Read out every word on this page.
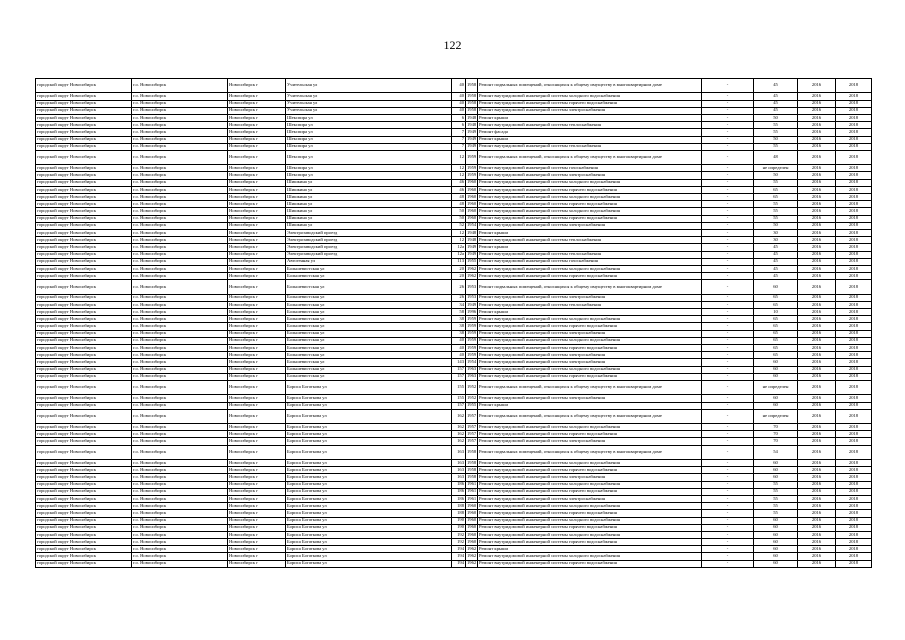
122
городской округ Новосибирск	г.о. Новосибирск	Новосибирск г	Учительская ул	40	1958	Ремонт подвальных помещений, относящихся к общему имуществу в многоквартирном доме	-	45	2016	2018
городской округ Новосибирск	г.о. Новосибирск	Новосибирск г	Учительская ул	40	1958	Ремонт внутридомовой инженерной системы холодного водоснабжения	-	45	2016	2018
городской округ Новосибирск	г.о. Новосибирск	Новосибирск г	Учительская ул	40	1958	Ремонт внутридомовой инженерной системы горячего водоснабжения	-	45	2016	2018
городской округ Новосибирск	г.о. Новосибирск	Новосибирск г	Учительская ул	40	1958	Ремонт внутридомовой инженерной системы электроснабжения	-	45	2016	2018
городской округ Новосибирск	г.о. Новосибирск	Новосибирск г	Шекспира ул	6	1948	Ремонт крыши	-	50	2016	2018
городской округ Новосибирск	г.о. Новосибирск	Новосибирск г	Шекспира ул	6	1948	Ремонт внутридомовой инженерной системы теплоснабжения	-	55	2016	2018
городской округ Новосибирск	г.о. Новосибирск	Новосибирск г	Шекспира ул	7	1949	Ремонт фасада	-	55	2016	2018
городской округ Новосибирск	г.о. Новосибирск	Новосибирск г	Шекспира ул	7	1949	Ремонт крыши	-	50	2016	2018
городской округ Новосибирск	г.о. Новосибирск	Новосибирск г	Шекспира ул	7	1949	Ремонт внутридомовой инженерной системы теплоснабжения	-	55	2016	2018
городской округ Новосибирск	г.о. Новосибирск	Новосибирск г	Шекспира ул	12	1959	Ремонт подвальных помещений, относящихся к общему имуществу в многоквартирном доме	-	48	2016	2018
городской округ Новосибирск	г.о. Новосибирск	Новосибирск г	Шекспира ул	12	1959	Ремонт внутридомовой инженерной системы газоснабжения	-	не определен	2016	2018
городской округ Новосибирск	г.о. Новосибирск	Новосибирск г	Шекспира ул	12	1959	Ремонт внутридомовой инженерной системы электроснабжения	-	50	2016	2018
городской округ Новосибирск	г.о. Новосибирск	Новосибирск г	Шишкина ул	46	1960	Ремонт внутридомовой инженерной системы холодного водоснабжения	-	55	2016	2018
городской округ Новосибирск	г.о. Новосибирск	Новосибирск г	Шишкина ул	46	1960	Ремонт внутридомовой инженерной системы горячего водоснабжения	-	65	2016	2018
городской округ Новосибирск	г.о. Новосибирск	Новосибирск г	Шишкина ул	48	1960	Ремонт внутридомовой инженерной системы холодного водоснабжения	-	65	2016	2018
городской округ Новосибирск	г.о. Новосибирск	Новосибирск г	Шишкина ул	48	1960	Ремонт внутридомовой инженерной системы горячего водоснабжения	-	55	2016	2018
городской округ Новосибирск	г.о. Новосибирск	Новосибирск г	Шишкина ул	50	1960	Ремонт внутридомовой инженерной системы холодного водоснабжения	-	55	2016	2018
городской округ Новосибирск	г.о. Новосибирск	Новосибирск г	Шишкина ул	50	1960	Ремонт внутридомовой инженерной системы горячего водоснабжения	-	55	2016	2018
городской округ Новосибирск	г.о. Новосибирск	Новосибирск г	Шишкина ул	52	1954	Ремонт внутридомовой инженерной системы электроснабжения	-	50	2016	2018
городской округ Новосибирск	г.о. Новосибирск	Новосибирск г	Электрозаводский проезд	12	1948	Ремонт крыши	-	30	2016	2018
городской округ Новосибирск	г.о. Новосибирск	Новосибирск г	Электрозаводский проезд	12	1948	Ремонт внутридомовой инженерной системы теплоснабжения	-	30	2016	2018
городской округ Новосибирск	г.о. Новосибирск	Новосибирск г	Электрозаводский проезд	12а	1949	Ремонт крыши	-	45	2016	2018
городской округ Новосибирск	г.о. Новосибирск	Новосибирск г	Электрозаводский проезд	12а	1949	Ремонт внутридомовой инженерной системы теплоснабжения	-	45	2016	2018
городской округ Новосибирск	г.о. Новосибирск	Новосибирск г	Автогенная ул	113	1955	Ремонт внутридомовой инженерной системы газоснабжения	-	45	2016	2018
городской округ Новосибирск	г.о. Новосибирск	Новосибирск г	Большевистская ул	20	1962	Ремонт внутридомовой инженерной системы холодного водоснабжения	-	45	2016	2018
городской округ Новосибирск	г.о. Новосибирск	Новосибирск г	Большевистская ул	20	1962	Ремонт внутридомовой инженерной системы горячего водоснабжения	-	45	2016	2018
городской округ Новосибирск	г.о. Новосибирск	Новосибирск г	Большевистская ул	26	1953	Ремонт подвальных помещений, относящихся к общему имуществу в многоквартирном доме	-	60	2016	2018
городской округ Новосибирск	г.о. Новосибирск	Новосибирск г	Большевистская ул	26	1953	Ремонт внутридомовой инженерной системы электроснабжения	-	65	2016	2018
городской округ Новосибирск	г.о. Новосибирск	Новосибирск г	Большевистская ул	34	1949	Ремонт внутридомовой инженерной системы теплоснабжения	-	65	2016	2018
городской округ Новосибирск	г.о. Новосибирск	Новосибирск г	Большевистская ул	58	1996	Ремонт крыши	-	10	2016	2018
городской округ Новосибирск	г.о. Новосибирск	Новосибирск г	Большевистская ул	38	1959	Ремонт внутридомовой инженерной системы холодного водоснабжения	-	65	2016	2018
городской округ Новосибирск	г.о. Новосибирск	Новосибирск г	Большевистская ул	38	1959	Ремонт внутридомовой инженерной системы горячего водоснабжения	-	65	2016	2018
городской округ Новосибирск	г.о. Новосибирск	Новосибирск г	Большевистская ул	38	1959	Ремонт внутридомовой инженерной системы электроснабжения	-	65	2016	2018
городской округ Новосибирск	г.о. Новосибирск	Новосибирск г	Большевистская ул	40	1959	Ремонт внутридомовой инженерной системы холодного водоснабжения	-	65	2016	2018
городской округ Новосибирск	г.о. Новосибирск	Новосибирск г	Большевистская ул	40	1959	Ремонт внутридомовой инженерной системы горячего водоснабжения	-	65	2016	2018
городской округ Новосибирск	г.о. Новосибирск	Новосибирск г	Большевистская ул	40	1959	Ремонт внутридомовой инженерной системы электроснабжения	-	65	2016	2018
городской округ Новосибирск	г.о. Новосибирск	Новосибирск г	Большевистская ул	143	1954	Ремонт внутридомовой инженерной системы электроснабжения	-	60	2016	2018
городской округ Новосибирск	г.о. Новосибирск	Новосибирск г	Большевистская ул	157	1963	Ремонт внутридомовой инженерной системы холодного водоснабжения	-	60	2016	2018
городской округ Новосибирск	г.о. Новосибирск	Новосибирск г	Большевистская ул	157	1963	Ремонт внутридомовой инженерной системы горячего водоснабжения	-	60	2016	2018
городской округ Новосибирск	г.о. Новосибирск	Новосибирск г	Бориса Богаткова ул	155	1952	Ремонт подвальных помещений, относящихся к общему имуществу в многоквартирном доме	-	не определен	2016	2018
городской округ Новосибирск	г.о. Новосибирск	Новосибирск г	Бориса Богаткова ул	155	1952	Ремонт внутридомовой инженерной системы электроснабжения	-	60	2016	2018
городской округ Новосибирск	г.о. Новосибирск	Новосибирск г	Бориса Богаткова ул	157	1955	Ремонт крыши	-	60	2016	2018
городской округ Новосибирск	г.о. Новосибирск	Новосибирск г	Бориса Богаткова ул	162	1957	Ремонт подвальных помещений, относящихся к общему имуществу в многоквартирном доме	-	не определен	2016	2018
городской округ Новосибирск	г.о. Новосибирск	Новосибирск г	Бориса Богаткова ул	162	1957	Ремонт внутридомовой инженерной системы холодного водоснабжения	-	70	2016	2018
городской округ Новосибирск	г.о. Новосибирск	Новосибирск г	Бориса Богаткова ул	162	1957	Ремонт внутридомовой инженерной системы горячего водоснабжения	-	70	2016	2018
городской округ Новосибирск	г.о. Новосибирск	Новосибирск г	Бориса Богаткова ул	162	1957	Ремонт внутридомовой инженерной системы электроснабжения	-	70	2016	2018
городской округ Новосибирск	г.о. Новосибирск	Новосибирск г	Бориса Богаткова ул	163	1958	Ремонт подвальных помещений, относящихся к общему имуществу в многоквартирном доме	-	54	2016	2018
городской округ Новосибирск	г.о. Новосибирск	Новосибирск г	Бориса Богаткова ул	163	1958	Ремонт внутридомовой инженерной системы холодного водоснабжения	-	60	2016	2018
городской округ Новосибирск	г.о. Новосибирск	Новосибирск г	Бориса Богаткова ул	163	1958	Ремонт внутридомовой инженерной системы горячего водоснабжения	-	60	2016	2018
городской округ Новосибирск	г.о. Новосибирск	Новосибирск г	Бориса Богаткова ул	163	1958	Ремонт внутридомовой инженерной системы электроснабжения	-	60	2016	2018
городской округ Новосибирск	г.о. Новосибирск	Новосибирск г	Бориса Богаткова ул	186	1961	Ремонт внутридомовой инженерной системы холодного водоснабжения	-	55	2016	2018
городской округ Новосибирск	г.о. Новосибирск	Новосибирск г	Бориса Богаткова ул	186	1961	Ремонт внутридомовой инженерной системы горячего водоснабжения	-	55	2016	2018
городской округ Новосибирск	г.о. Новосибирск	Новосибирск г	Бориса Богаткова ул	186	1961	Ремонт внутридомовой инженерной системы электроснабжения	-	55	2016	2018
городской округ Новосибирск	г.о. Новосибирск	Новосибирск г	Бориса Богаткова ул	188	1960	Ремонт внутридомовой инженерной системы холодного водоснабжения	-	55	2016	2018
городской округ Новосибирск	г.о. Новосибирск	Новосибирск г	Бориса Богаткова ул	188	1960	Ремонт внутридомовой инженерной системы горячего водоснабжения	-	55	2016	2018
городской округ Новосибирск	г.о. Новосибирск	Новосибирск г	Бориса Богаткова ул	190	1960	Ремонт внутридомовой инженерной системы холодного водоснабжения	-	60	2016	2018
городской округ Новосибирск	г.о. Новосибирск	Новосибирск г	Бориса Богаткова ул	190	1960	Ремонт внутридомовой инженерной системы горячего водоснабжения	-	60	2016	2018
городской округ Новосибирск	г.о. Новосибирск	Новосибирск г	Бориса Богаткова ул	192	1960	Ремонт внутридомовой инженерной системы холодного водоснабжения	-	60	2016	2018
городской округ Новосибирск	г.о. Новосибирск	Новосибирск г	Бориса Богаткова ул	192	1960	Ремонт внутридомовой инженерной системы горячего водоснабжения	-	60	2016	2018
городской округ Новосибирск	г.о. Новосибирск	Новосибирск г	Бориса Богаткова ул	194	1962	Ремонт крыши	-	60	2016	2018
городской округ Новосибирск	г.о. Новосибирск	Новосибирск г	Бориса Богаткова ул	194	1962	Ремонт внутридомовой инженерной системы холодного водоснабжения	-	60	2016	2018
городской округ Новосибирск	г.о. Новосибирск	Новосибирск г	Бориса Богаткова ул	194	1962	Ремонт внутридомовой инженерной системы горячего водоснабжения	-	60	2016	2018
